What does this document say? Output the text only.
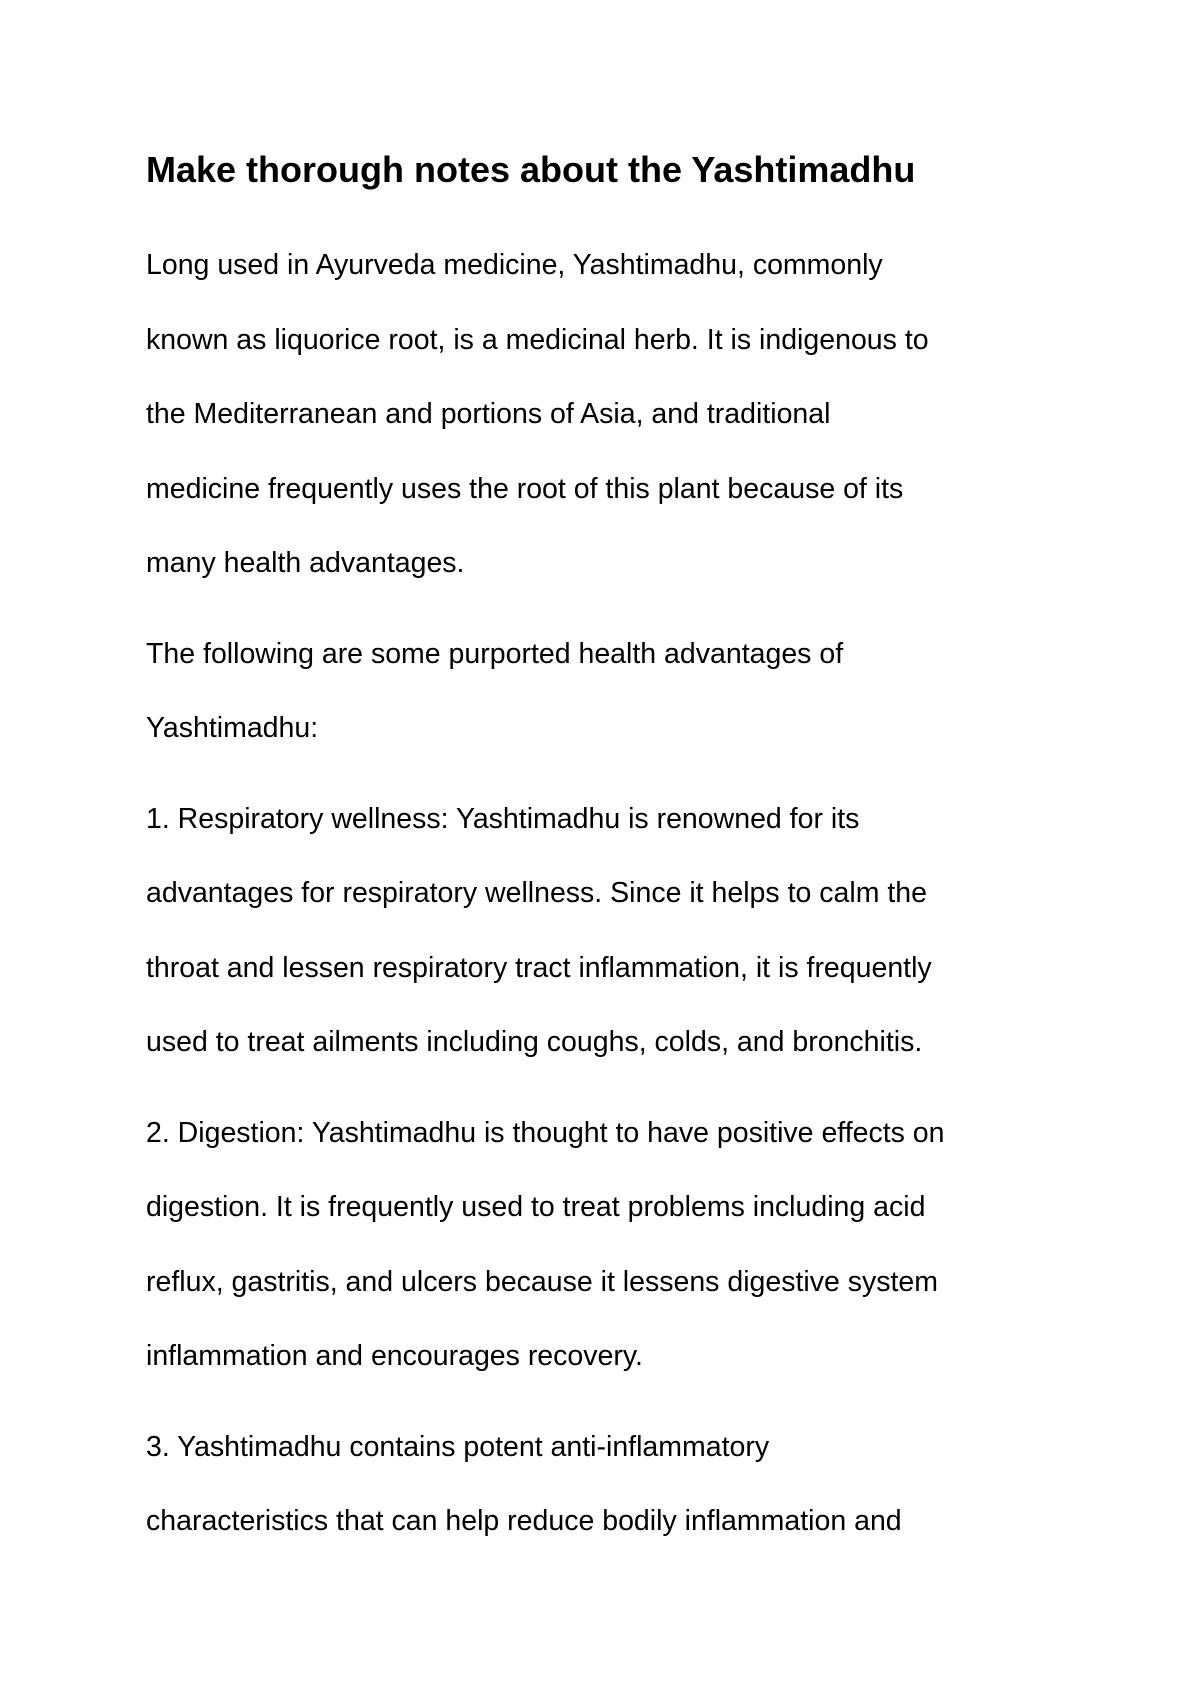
Make thorough notes about the Yashtimadhu

Long used in Ayurveda medicine, Yashtimadhu, commonly
known as liquorice root, is a medicinal herb. It is indigenous to
the Mediterranean and portions of Asia, and traditional
medicine frequently uses the root of this plant because of its
many health advantages.

The following are some purported health advantages of
Yashtimadhu:

1. Respiratory wellness: Yashtimadhu is renowned for its
advantages for respiratory wellness. Since it helps to calm the
throat and lessen respiratory tract inflammation, it is frequently
used to treat ailments including coughs, colds, and bronchitis.

2. Digestion: Yashtimadhu is thought to have positive effects on
digestion. It is frequently used to treat problems including acid
reflux, gastritis, and ulcers because it lessens digestive system
inflammation and encourages recovery.

3. Yashtimadhu contains potent anti-inflammatory
characteristics that can help reduce bodily inflammation and
